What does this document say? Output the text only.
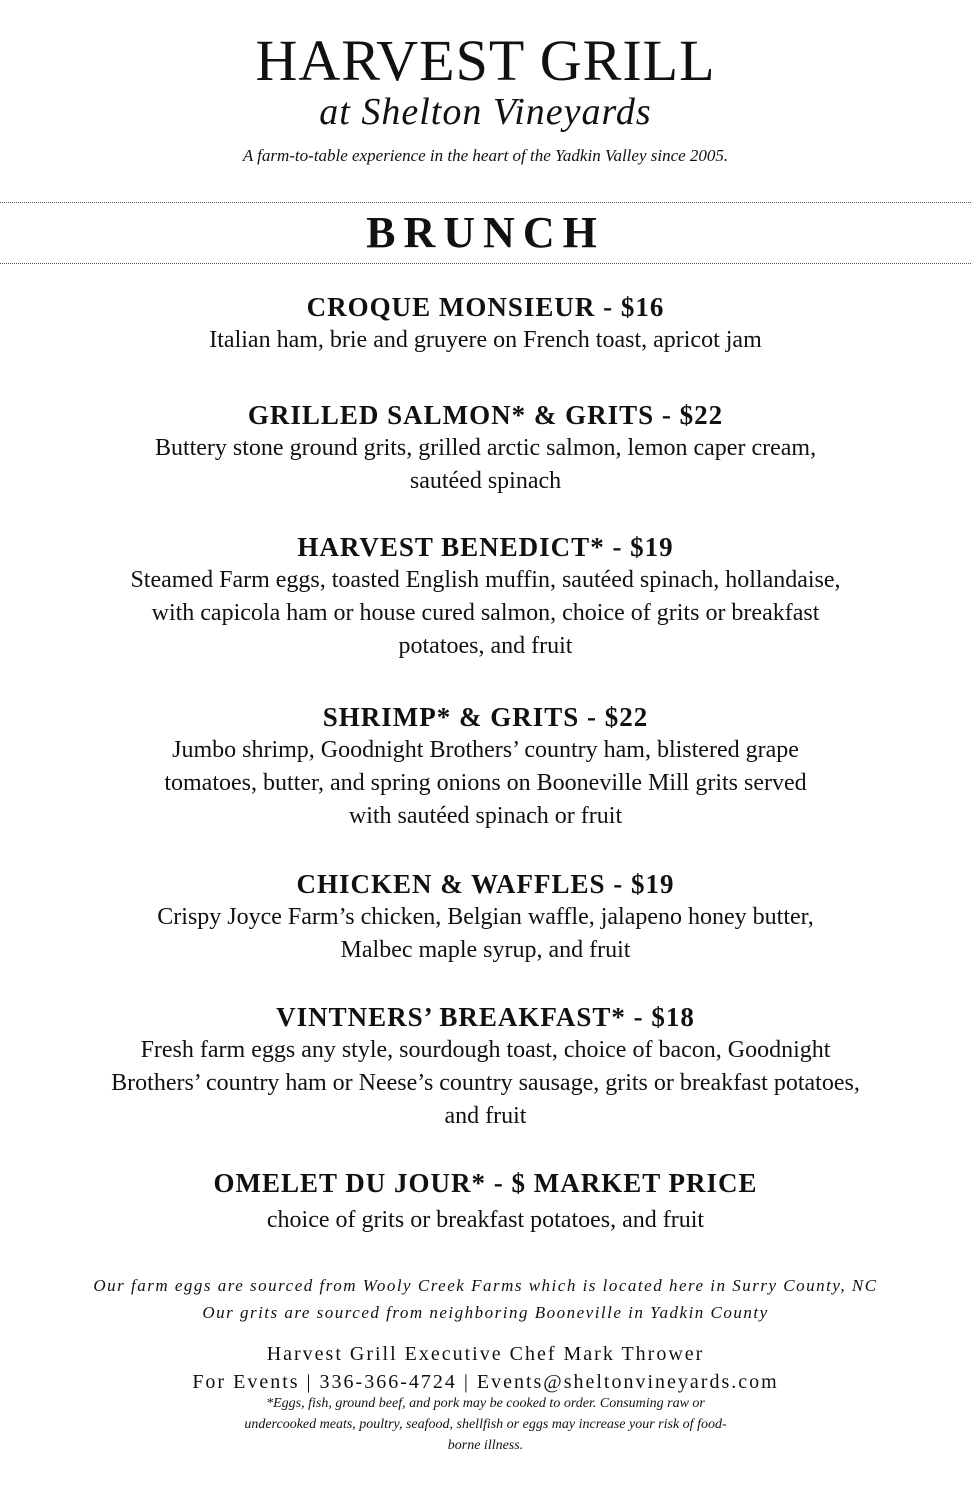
HARVEST GRILL
at Shelton Vineyards
A farm-to-table experience in the heart of the Yadkin Valley since 2005.
BRUNCH
CROQUE MONSIEUR - $16
Italian ham, brie and gruyere on French toast, apricot jam
GRILLED SALMON* & GRITS - $22
Buttery stone ground grits, grilled arctic salmon, lemon caper cream, sautéed spinach
HARVEST BENEDICT* - $19
Steamed Farm eggs, toasted English muffin, sautéed spinach, hollandaise, with capicola ham or house cured salmon, choice of grits or breakfast potatoes, and fruit
SHRIMP* & GRITS - $22
Jumbo shrimp, Goodnight Brothers’ country ham, blistered grape tomatoes, butter, and spring onions on Booneville Mill grits served with sautéed spinach or fruit
CHICKEN & WAFFLES - $19
Crispy Joyce Farm’s chicken, Belgian waffle, jalapeno honey butter, Malbec maple syrup, and fruit
VINTNERS’ BREAKFAST* - $18
Fresh farm eggs any style, sourdough toast, choice of bacon, Goodnight Brothers’ country ham or Neese’s country sausage, grits or breakfast potatoes, and fruit
OMELET DU JOUR* - $ MARKET PRICE
choice of grits or breakfast potatoes, and fruit
Our farm eggs are sourced from Wooly Creek Farms which is located here in Surry County, NC
Our grits are sourced from neighboring Booneville in Yadkin County
Harvest Grill Executive Chef Mark Thrower
For Events | 336-366-4724 | Events@sheltonvineyards.com
*Eggs, fish, ground beef, and pork may be cooked to order. Consuming raw or undercooked meats, poultry, seafood, shellfish or eggs may increase your risk of food-borne illness.
